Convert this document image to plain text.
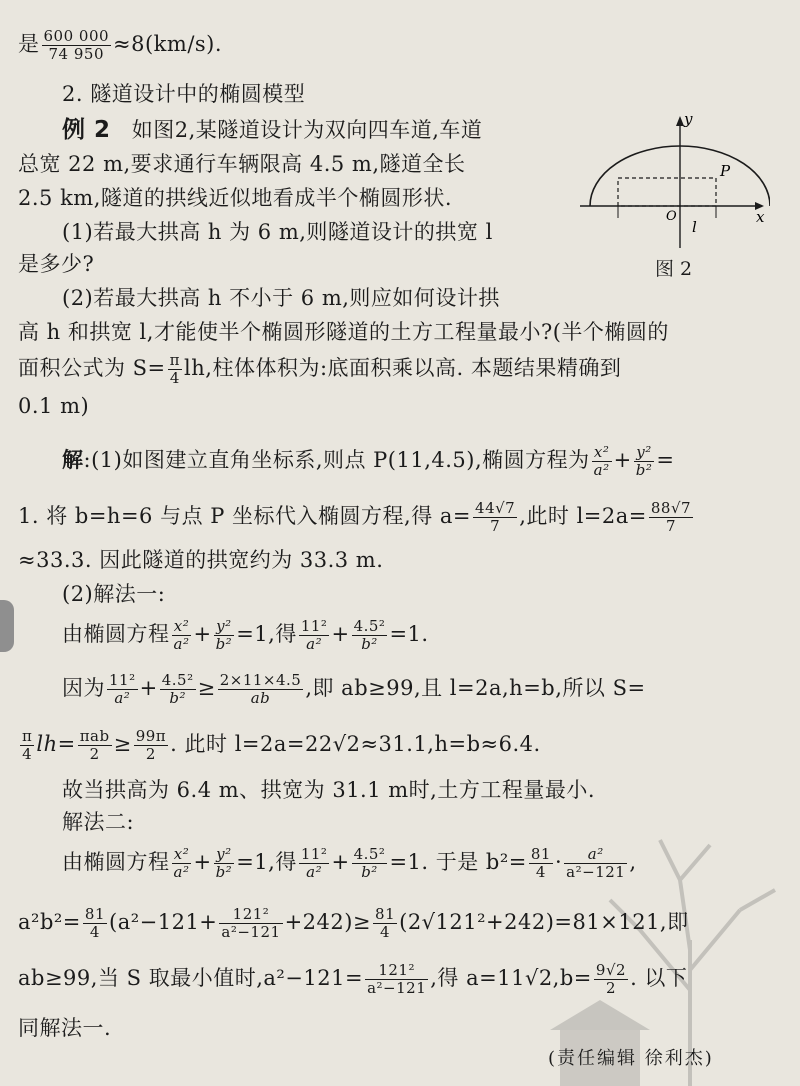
是 $\frac{600 000}{74 950} \approx 8(km/s)$.
2. 隧道设计中的椭圆模型
例 2 如图2,某隧道设计为双向四车道,车道
总宽 22 m,要求通行车辆限高 4.5 m,隧道全长
2.5 km,隧道的拱线近似地看成半个椭圆形状.
(1)若最大拱高 h 为 6 m,则隧道设计的拱宽 l
是多少?
(2)若最大拱高 h 不小于 6 m,则应如何设计拱
高 h 和拱宽 l,才能使半个椭圆形隧道的土方工程量最小?(半个椭圆的
面积公式为 $S= \frac{\pi}{4}$ lh,柱体体积为:底面积乘以高. 本题结果精确到
0.1 m)
解:(1)如图建立直角坐标系,则点 P(11,4.5),椭圆方程为 $\frac{\text{x²}}{\text{a²}} + \frac{\text{y²}}{\text{b²}}$ =
1. 将 b=h=6 与点 P 坐标代入椭圆方程,得 $a= \frac{44√7}{7}$ ,此时 $l=2a= \frac{88√7}{7}$
≈33.3. 因此隧道的拱宽约为 33.3 m.
(2)解法一:
由椭圆方程 $\frac{\text{x²}}{\text{a²}} + \frac{\text{y²}}{\text{b²}} =1$,得 $\frac{\text{11²}}{\text{a²}} + \frac{\text{4.5²}}{\text{b²}} =1$.
因为 $\frac{\text{11²}}{\text{a²}} + \frac{\text{4.5²}}{\text{b²}} \ge \frac{2\times 11\times 4.5}{ab}$ ,即 ab≥99,且 l=2a,h=b,所以 S=
$\frac{\pi}{4} lh= \frac{\text{πab}}{2} \ge \frac{99\pi}{2}$ . 此时 l=2a=22√2≈31.1,h=b≈6.4.
故当拱高为 6.4 m、拱宽为 31.1 m时,土方工程量最小.
解法二:
由椭圆方程 $\frac{\text{x²}}{\text{a²}} + \frac{\text{y²}}{\text{b²}} =1$,得 $\frac{\text{11²}}{\text{a²}} + \frac{\text{4.5²}}{\text{b²}} =1$. 于是 $b^2= \frac{81}{4} \cdot \frac{\text{a²}}{\text{a²−121}}$ ,
$a^2b^2= \frac{81}{4} (a^2-121+ \frac{\text{121²}}{\text{a²−121}} +242)\ge \frac{81}{4} (2√121^2+242)=81\times 121$,即
ab≥99,当 S 取最小值时$,a^2-121= \frac{\text{121²}}{\text{a²−121}}$ ,得 $a=11√2,b= \frac{9√2}{2}$ . 以下
同解法一.
(责任编辑 徐利杰)
y
x
P
O
l
图 2
